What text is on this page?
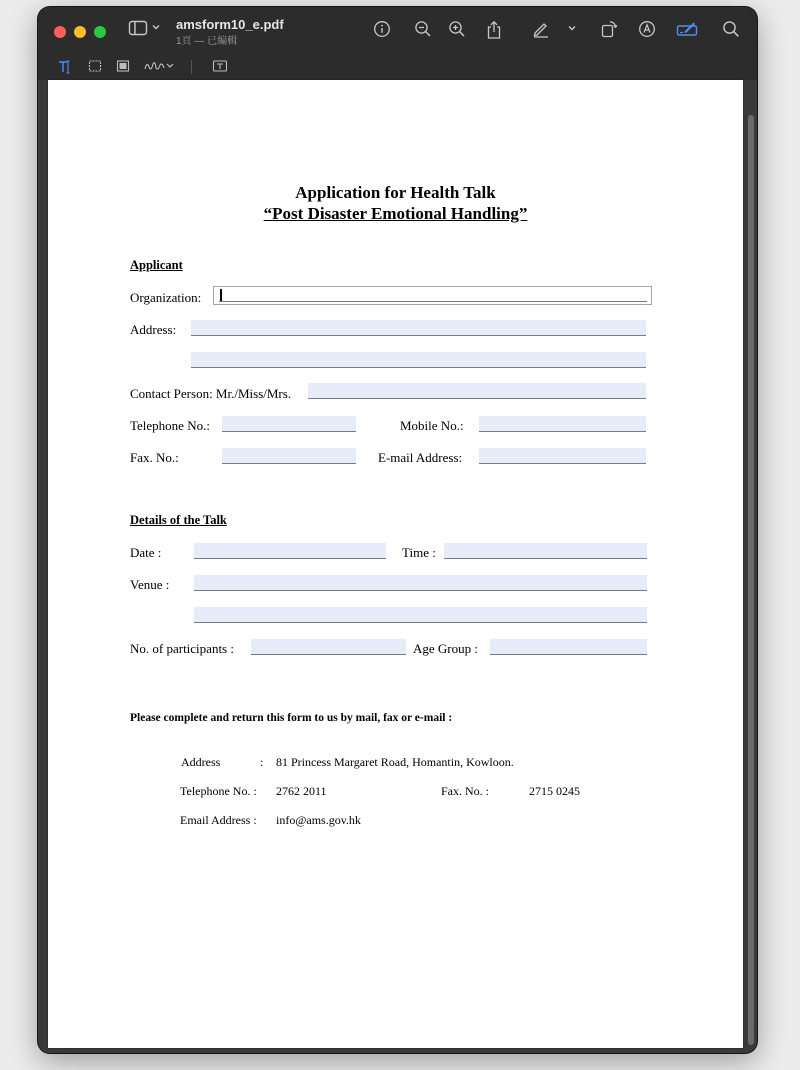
amsform10_e.pdf
1頁 — 已編輯
Application for Health Talk
“Post Disaster Emotional Handling”
Applicant
Organization:
Address:
Contact Person: Mr./Miss/Mrs.
Telephone No.:	Mobile No.:
Fax. No.:	E-mail Address:
Details of the Talk
Date :	Time :
Venue :
No. of participants :	Age Group :
Please complete and return this form to us by mail, fax or e-mail :
Address	: 81 Princess Margaret Road, Homantin, Kowloon.
Telephone No. : 2762 2011	Fax. No. :	2715 0245
Email Address : info@ams.gov.hk
